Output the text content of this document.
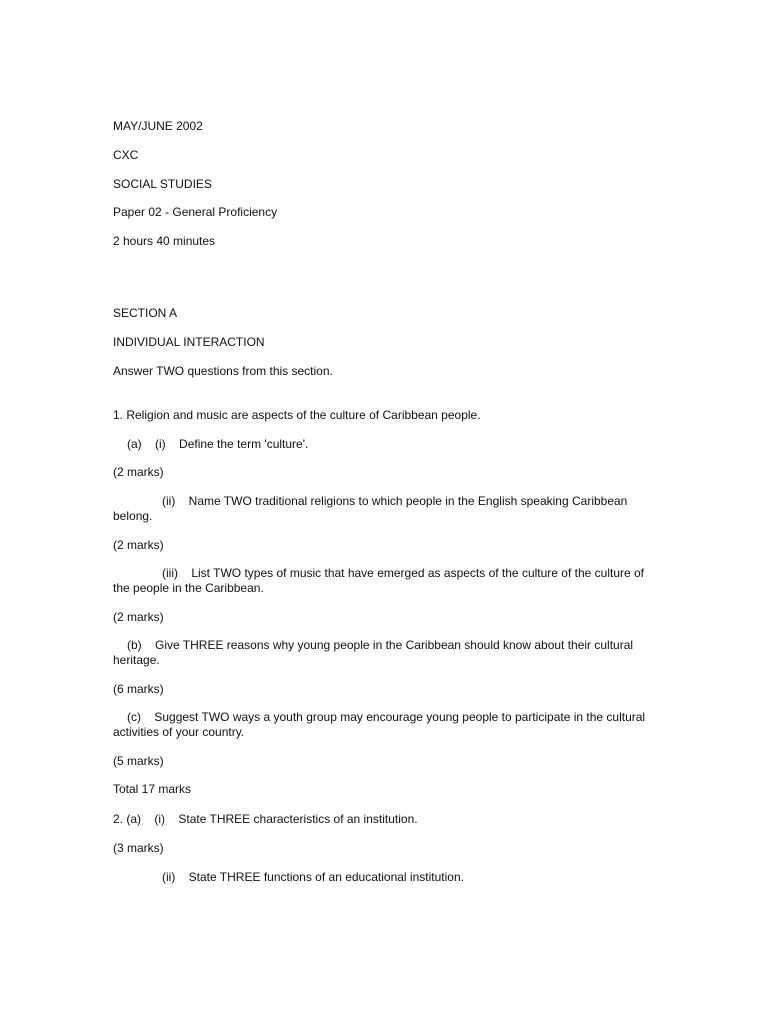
MAY/JUNE 2002
CXC
SOCIAL STUDIES
Paper 02 - General Proficiency
2 hours 40 minutes
SECTION A
INDIVIDUAL INTERACTION
Answer TWO questions from this section.
1. Religion and music are aspects of the culture of Caribbean people.
(a) (i) Define the term 'culture'.
(2 marks)
(ii) Name TWO traditional religions to which people in the English speaking Caribbean belong.
(2 marks)
(iii) List TWO types of music that have emerged as aspects of the culture of the culture of the people in the Caribbean.
(2 marks)
(b) Give THREE reasons why young people in the Caribbean should know about their cultural heritage.
(6 marks)
(c) Suggest TWO ways a youth group may encourage young people to participate in the cultural activities of your country.
(5 marks)
Total 17 marks
2. (a) (i) State THREE characteristics of an institution.
(3 marks)
(ii) State THREE functions of an educational institution.
